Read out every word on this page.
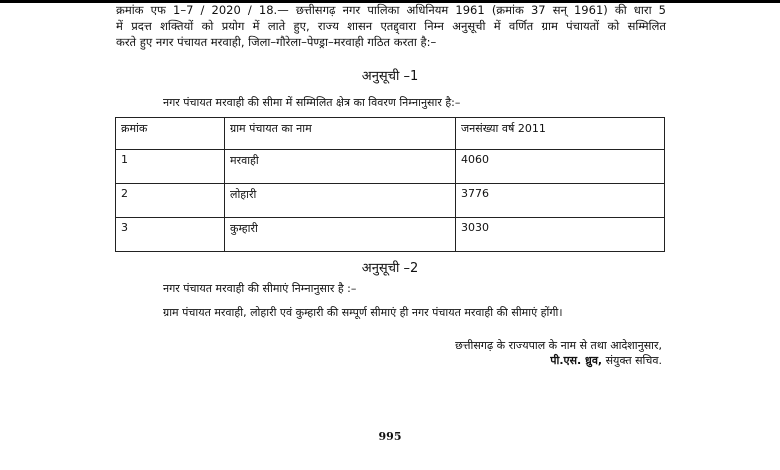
क्रमांक एफ 1–7 / 2020 / 18.— छत्तीसगढ़ नगर पालिका अधिनियम 1961 (क्रमांक 37 सन् 1961) की धारा 5
में प्रदत्त शक्तियों को प्रयोग में लाते हुए, राज्य शासन एतद्द्वारा निम्न अनुसूची में वर्णित ग्राम पंचायतों को सम्मिलित
करते हुए नगर पंचायत मरवाही, जिला–गौरेला–पेण्ड्रा–मरवाही गठित करता है:–

अनुसूची –1
नगर पंचायत मरवाही की सीमा में सम्मिलित क्षेत्र का विवरण निम्नानुसार है:–
क्रमांक	ग्राम पंचायत का नाम	जनसंख्या वर्ष 2011
1	मरवाही	4060
2	लोहारी	3776
3	कुम्हारी	3030
अनुसूची –2
नगर पंचायत मरवाही की सीमाएं निम्नानुसार है :–
ग्राम पंचायत मरवाही, लोहारी एवं कुम्हारी की सम्पूर्ण सीमाएं ही नगर पंचायत मरवाही की सीमाएं होंगी।
छत्तीसगढ़ के राज्यपाल के नाम से तथा आदेशानुसार,
पी.एस. ध्रुव, संयुक्त सचिव.
995
